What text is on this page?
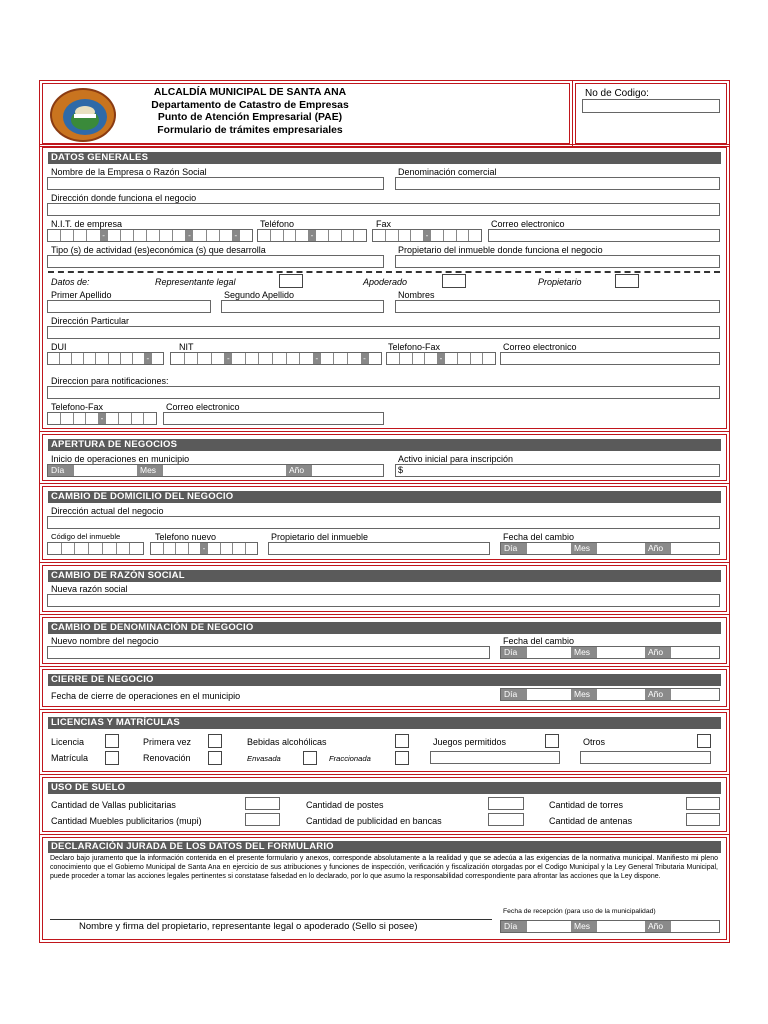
ALCALDÍA MUNICIPAL DE SANTA ANA
Departamento de Catastro de Empresas
Punto de Atención Empresarial (PAE)
Formulario de trámites empresariales
No de Codigo:
DATOS GENERALES
Nombre de la Empresa o Razón Social	Denominación comercial
Dirección donde funciona el negocio
N.I.T. de empresa	Teléfono	Fax	Correo electronico
-	-	-	-	-
Tipo (s) de actividad (es)económica (s) que desarrolla	Propietario del inmueble donde funciona el negocio
Datos de:	Representante legal	Apoderado	Propietario
Primer Apellido	Segundo Apellido	Nombres
Dirección Particular
DUI	NIT	Telefono-Fax	Correo electronico
-	-	-	-	-
Direccion para notificaciones:
Telefono-Fax	Correo electronico
-
APERTURA DE NEGOCIOS
Inicio de operaciones en municipio	Activo inicial para inscripción
Día	Mes	Año	$
CAMBIO DE DOMICILIO DEL NEGOCIO
Dirección actual del negocio
Código del inmueble	Telefono nuevo	Propietario del inmueble	Fecha del cambio
-	Día	Mes	Año
CAMBIO DE RAZÓN SOCIAL
Nueva razón social
CAMBIO DE DENOMINACIÓN DE NEGOCIO
Nuevo nombre del negocio	Fecha del cambio
Día	Mes	Año
CIERRE DE NEGOCIO
Fecha de cierre de operaciones en el municipio	Día	Mes	Año
LICENCIAS Y MATRÍCULAS
Licencia	Primera vez	Bebidas alcohólicas	Juegos permitidos	Otros
Matrícula	Renovación	Envasada	Fraccionada
USO DE SUELO
Cantidad de Vallas publicitarias	Cantidad de postes	Cantidad de torres
Cantidad Muebles publicitarios (mupi)	Cantidad de publicidad en bancas	Cantidad de antenas
DECLARACIÓN JURADA DE LOS DATOS DEL FORMULARIO
Declaro bajo juramento que la información contenida en el presente formulario y anexos, corresponde absolutamente a la realidad y que se adecúa a las exigencias de la normativa municipal. Manifiesto mi pleno conocimiento que el Gobierno Municipal de Santa Ana en ejercicio de sus atribuciones y funciones de inspección, verificación y fiscalización otorgadas por el Codigo Municipal y la Ley General Tributaria Municipal, puede proceder a tomar las acciones legales pertinentes si constatase falsedad en lo declarado, por lo que asumo la responsabilidad correspondiente para afrontar las acciones que la Ley dispone.
Fecha de recepción (para uso de la municipalidad)
Nombre y firma del propietario, representante legal o apoderado (Sello si posee)	Día	Mes	Año
